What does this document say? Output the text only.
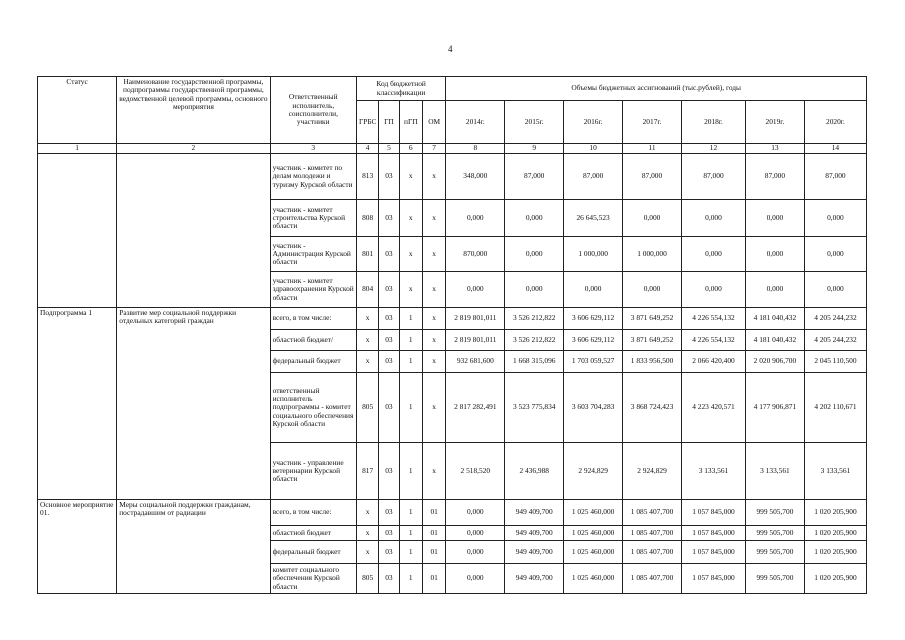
4
Статус	Наименование государственной программы, подпрограммы государственной программы, ведомственной целевой программы, основного мероприятия	Ответственный исполнитель, соисполнители, участники	Код бюджетной классификации				Объемы бюджетных ассигнований (тыс.рублей), годы						
			ГРБС	ГП	пГП	ОМ	2014г.	2015г.	2016г.	2017г.	2018г.	2019г.	2020г.
1	2	3	4	5	6	7	8	9	10	11	12	13	14
		участник - комитет по делам молодежи и туризму Курской области	813	03	х	х	348,000	87,000	87,000	87,000	87,000	87,000	87,000
		участник - комитет строительства Курской области	808	03	х	х	0,000	0,000	26 645,523	0,000	0,000	0,000	0,000
		участник - Администрация Курской области	801	03	х	х	870,000	0,000	1 000,000	1 000,000	0,000	0,000	0,000
		участник - комитет здравоохранения Курской области	804	03	х	х	0,000	0,000	0,000	0,000	0,000	0,000	0,000
Подпрограмма 1	Развитие мер социальной поддержки отдельных категорий граждан	всего, в том числе:	х	03	1	х	2 819 801,011	3 526 212,822	3 606 629,112	3 871 649,252	4 226 554,132	4 181 040,432	4 205 244,232
		областной бюджет/	х	03	1	х	2 819 801,011	3 526 212,822	3 606 629,112	3 871 649,252	4 226 554,132	4 181 040,432	4 205 244,232
		федеральный бюджет	х	03	1	х	932 681,600	1 668 315,096	1 703 059,527	1 833 956,500	2 066 420,400	2 020 906,700	2 045 110,500
		ответственный исполнитель подпрограммы - комитет социального обеспечения Курской области	805	03	1	х	2 817 282,491	3 523 775,834	3 603 704,283	3 868 724,423	4 223 420,571	4 177 906,871	4 202 110,671
		участник - управление ветеринарии Курской области	817	03	1	х	2 518,520	2 436,988	2 924,829	2 924,829	3 133,561	3 133,561	3 133,561
Основное мероприятие 01.	Меры социальной поддержки гражданам, пострадавшим от радиации	всего, в том числе:	х	03	1	01	0,000	949 409,700	1 025 460,000	1 085 407,700	1 057 845,000	999 505,700	1 020 205,900
		областной бюджет	х	03	1	01	0,000	949 409,700	1 025 460,000	1 085 407,700	1 057 845,000	999 505,700	1 020 205,900
		федеральный бюджет	х	03	1	01	0,000	949 409,700	1 025 460,000	1 085 407,700	1 057 845,000	999 505,700	1 020 205,900
		комитет социального обеспечения Курской области	805	03	1	01	0,000	949 409,700	1 025 460,000	1 085 407,700	1 057 845,000	999 505,700	1 020 205,900
